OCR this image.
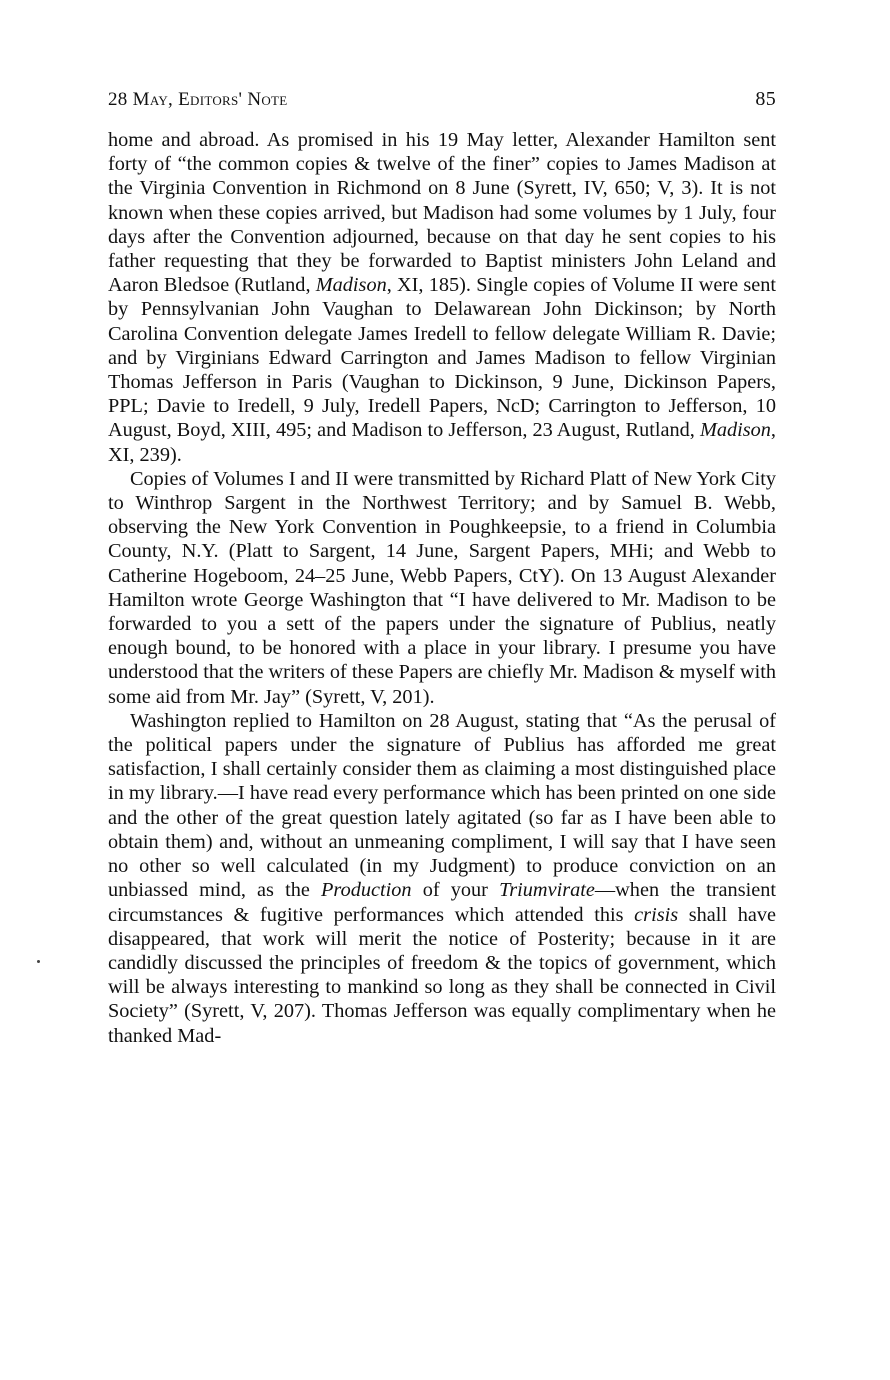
28 May, Editors' Note	85

home and abroad. As promised in his 19 May letter, Alexander Hamilton sent forty of “the common copies & twelve of the finer” copies to James Madison at the Virginia Convention in Richmond on 8 June (Syrett, IV, 650; V, 3). It is not known when these copies arrived, but Madison had some volumes by 1 July, four days after the Convention adjourned, because on that day he sent copies to his father requesting that they be forwarded to Baptist ministers John Leland and Aaron Bledsoe (Rutland, Madison, XI, 185). Single copies of Volume II were sent by Pennsylvanian John Vaughan to Delawarean John Dickinson; by North Carolina Convention delegate James Iredell to fellow delegate William R. Davie; and by Virginians Edward Carrington and James Madison to fellow Virginian Thomas Jefferson in Paris (Vaughan to Dickinson, 9 June, Dickinson Papers, PPL; Davie to Iredell, 9 July, Iredell Papers, NcD; Carrington to Jefferson, 10 August, Boyd, XIII, 495; and Madison to Jefferson, 23 August, Rutland, Madison, XI, 239).

Copies of Volumes I and II were transmitted by Richard Platt of New York City to Winthrop Sargent in the Northwest Territory; and by Samuel B. Webb, observing the New York Convention in Poughkeepsie, to a friend in Columbia County, N.Y. (Platt to Sargent, 14 June, Sargent Papers, MHi; and Webb to Catherine Hogeboom, 24–25 June, Webb Papers, CtY). On 13 August Alexander Hamilton wrote George Washington that “I have delivered to Mr. Madison to be forwarded to you a sett of the papers under the signature of Publius, neatly enough bound, to be honored with a place in your library. I presume you have understood that the writers of these Papers are chiefly Mr. Madison & myself with some aid from Mr. Jay” (Syrett, V, 201).

Washington replied to Hamilton on 28 August, stating that “As the perusal of the political papers under the signature of Publius has afforded me great satisfaction, I shall certainly consider them as claiming a most distinguished place in my library.—I have read every performance which has been printed on one side and the other of the great question lately agitated (so far as I have been able to obtain them) and, without an unmeaning compliment, I will say that I have seen no other so well calculated (in my Judgment) to produce conviction on an unbiassed mind, as the Production of your Triumvirate—when the transient circumstances & fugitive performances which attended this crisis shall have disappeared, that work will merit the notice of Posterity; because in it are candidly discussed the principles of freedom & the topics of government, which will be always interesting to mankind so long as they shall be connected in Civil Society” (Syrett, V, 207). Thomas Jefferson was equally complimentary when he thanked Mad-
